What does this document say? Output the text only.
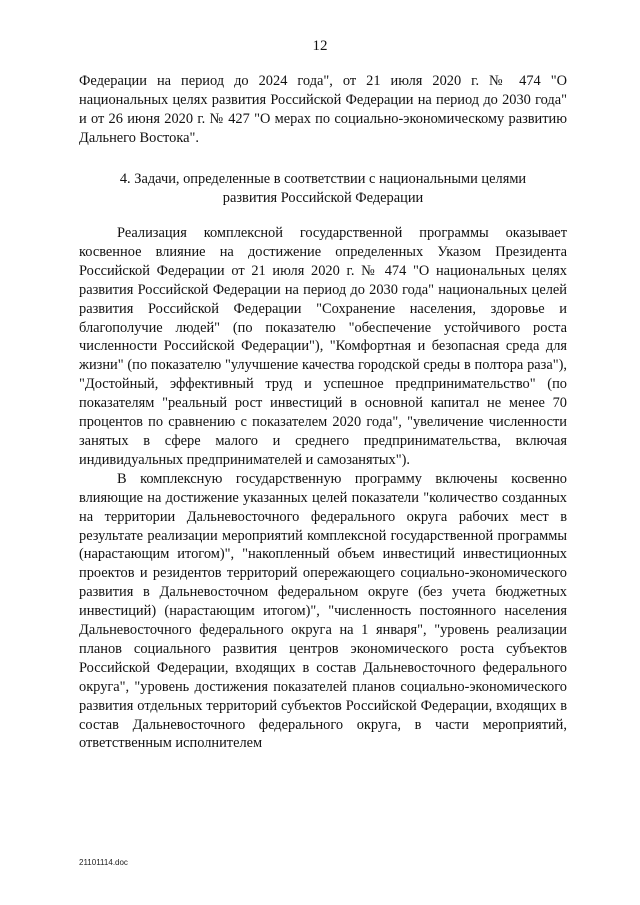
12

Федерации на период до 2024 года", от 21 июля 2020 г. № 474 "О национальных целях развития Российской Федерации на период до 2030 года" и от 26 июня 2020 г. № 427 "О мерах по социально-экономическому развитию Дальнего Востока".

4. Задачи, определенные в соответствии с национальными целями
развития Российской Федерации

Реализация комплексной государственной программы оказывает косвенное влияние на достижение определенных Указом Президента Российской Федерации от 21 июля 2020 г. № 474 "О национальных целях развития Российской Федерации на период до 2030 года" национальных целей развития Российской Федерации "Сохранение населения, здоровье и благополучие людей" (по показателю "обеспечение устойчивого роста численности Российской Федерации"), "Комфортная и безопасная среда для жизни" (по показателю "улучшение качества городской среды в полтора раза"), "Достойный, эффективный труд и успешное предпринимательство" (по показателям "реальный рост инвестиций в основной капитал не менее 70 процентов по сравнению с показателем 2020 года", "увеличение численности занятых в сфере малого и среднего предпринимательства, включая индивидуальных предпринимателей и самозанятых").

В комплексную государственную программу включены косвенно влияющие на достижение указанных целей показатели "количество созданных на территории Дальневосточного федерального округа рабочих мест в результате реализации мероприятий комплексной государственной программы (нарастающим итогом)", "накопленный объем инвестиций инвестиционных проектов и резидентов территорий опережающего социально-экономического развития в Дальневосточном федеральном округе (без учета бюджетных инвестиций) (нарастающим итогом)", "численность постоянного населения Дальневосточного федерального округа на 1 января", "уровень реализации планов социального развития центров экономического роста субъектов Российской Федерации, входящих в состав Дальневосточного федерального округа", "уровень достижения показателей планов социально-экономического развития отдельных территорий субъектов Российской Федерации, входящих в состав Дальневосточного федерального округа, в части мероприятий, ответственным исполнителем

21101114.doc
